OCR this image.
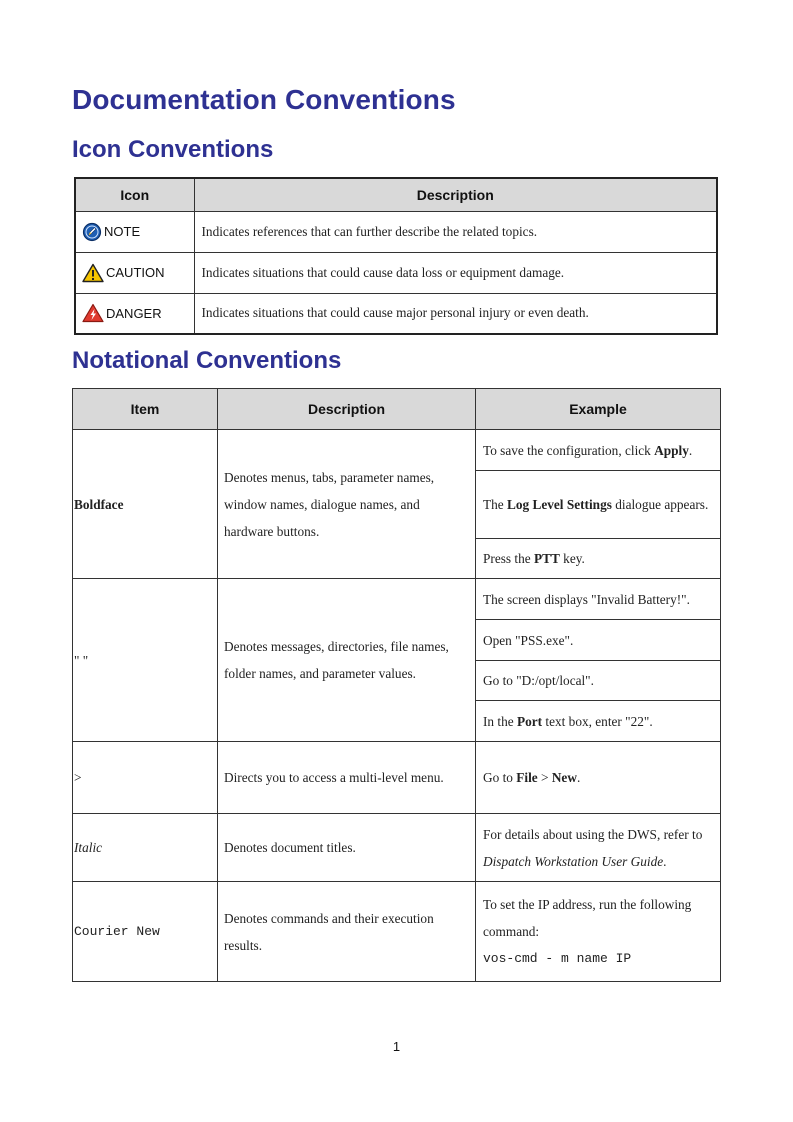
Documentation Conventions
Icon Conventions
Icon	Description

NOTE	Indicates references that can further describe the related topics.

CAUTION	Indicates situations that could cause data loss or equipment damage.

DANGER	Indicates situations that could cause major personal injury or even death.
Notational Conventions
Item	Description	Example
Boldface	Denotes menus, tabs, parameter names, window names, dialogue names, and hardware buttons.	To save the configuration, click Apply.
		The Log Level Settings dialogue appears.
		Press the PTT key.
" "	Denotes messages, directories, file names, folder names, and parameter values.	The screen displays "Invalid Battery!".
		Open "PSS.exe".
		Go to "D:/opt/local".
		In the Port text box, enter "22".
>	Directs you to access a multi-level menu.	Go to File > New.
Italic	Denotes document titles.	For details about using the DWS, refer to Dispatch Workstation User Guide.
Courier New	Denotes commands and their execution results.	To set the IP address, run the following command:
vos-cmd - m name IP
1
